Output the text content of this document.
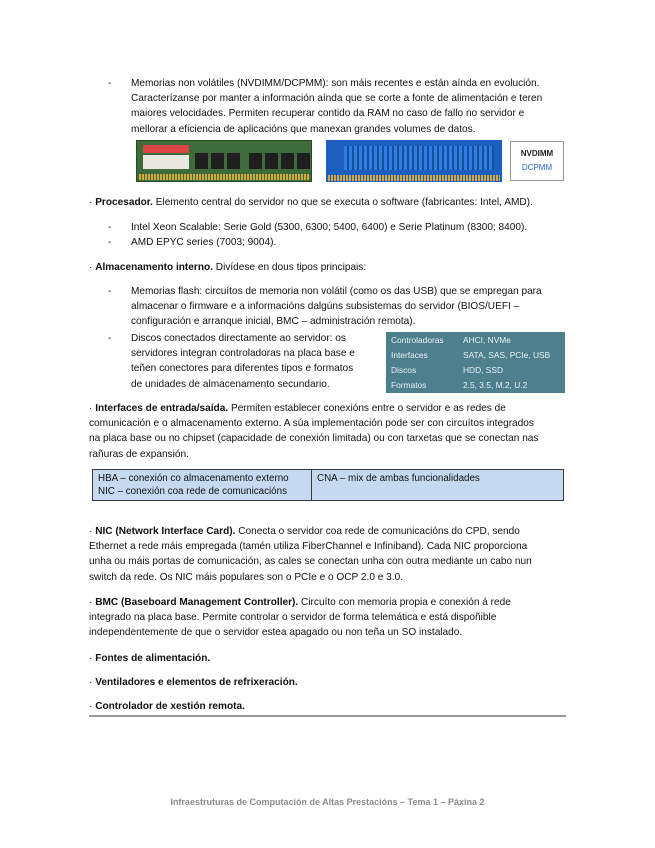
- Memorias non volátiles (NVDIMM/DCPMM): son máis recentes e están aínda en evolución.
Caracterízanse por manter a información aínda que se corte a fonte de alimentación e teren
maiores velocidades. Permiten recuperar contido da RAM no caso de fallo no servidor e
mellorar a eficiencia de aplicacións que manexan grandes volumes de datos.
NVDIMM
DCPMM
· Procesador. Elemento central do servidor no que se executa o software (fabricantes: Intel, AMD).
- Intel Xeon Scalable: Serie Gold (5300, 6300; 5400, 6400) e Serie Platinum (8300; 8400).
- AMD EPYC series (7003; 9004).
· Almacenamento interno. Divídese en dous tipos principais:
- Memorias flash: circuítos de memoria non volátil (como os das USB) que se empregan para
almacenar o firmware e a informacións dalgúns subsistemas do servidor (BIOS/UEFI –
configuración e arranque inicial, BMC – administración remota).
- Discos conectados directamente ao servidor: os
servidores integran controladoras na placa base e
teñen conectores para diferentes tipos e formatos
de unidades de almacenamento secundario.
Controladoras AHCI, NVMe
Interfaces	SATA, SAS, PCIe, USB
Discos	HDD, SSD
Formatos	2.5, 3.5, M.2, U.2
· Interfaces de entrada/saída. Permiten establecer conexións entre o servidor e as redes de
comunicación e o almacenamento externo. A súa implementación pode ser con circuítos integrados
na placa base ou no chipset (capacidade de conexión limitada) ou con tarxetas que se conectan nas
rañuras de expansión.
HBA – conexión co almacenamento externo
NIC – conexión coa rede de comunicacións

CNA – mix de ambas funcionalidades
· NIC (Network Interface Card). Conecta o servidor coa rede de comunicacións do CPD, sendo
Ethernet a rede máis empregada (tamén utiliza FiberChannel e Infiniband). Cada NIC proporciona
unha ou máis portas de comunicación, as cales se conectan unha con outra mediante un cabo nun
switch da rede. Os NIC máis populares son o PCIe e o OCP 2.0 e 3.0.
· BMC (Baseboard Management Controller). Circuíto con memoria propia e conexión á rede
integrado na placa base. Permite controlar o servidor de forma telemática e está dispoñible
independentemente de que o servidor estea apagado ou non teña un SO instalado.
· Fontes de alimentación.
· Ventiladores e elementos de refrixeración.
· Controlador de xestión remota.
Infraestruturas de Computación de Altas Prestacións – Tema 1 – Páxina 2
